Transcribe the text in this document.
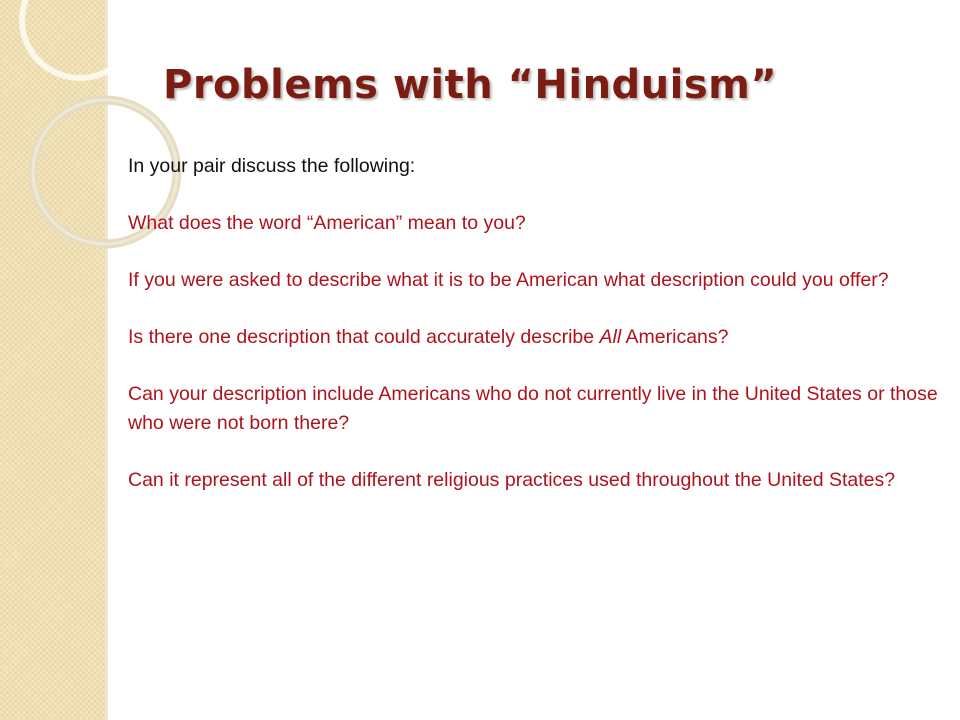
Problems with “Hinduism”

In your pair discuss the following:

What does the word “American” mean to you?

If you were asked to describe what it is to be American what description could you offer?

Is there one description that could accurately describe All Americans?

Can your description include Americans who do not currently live in the United States or those who were not born there?

Can it represent all of the different religious practices used throughout the United States?
